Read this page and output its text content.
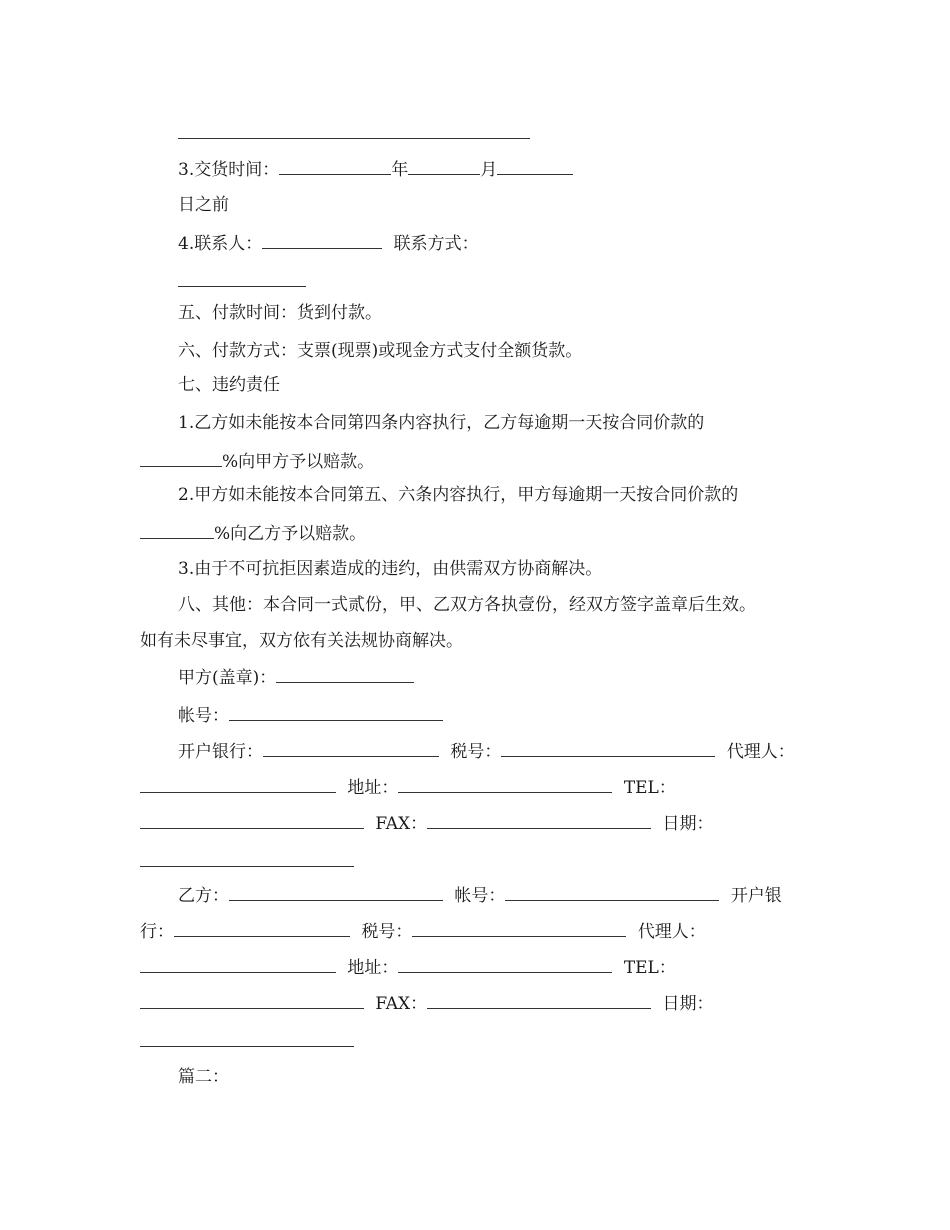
3.交货时间：	年	月
日之前
4.联系人：	联系方式：
五、付款时间：货到付款。
六、付款方式：支票(现票)或现金方式支付全额货款。
七、违约责任
1.乙方如未能按本合同第四条内容执行，乙方每逾期一天按合同价款的
%向甲方予以赔款。
2.甲方如未能按本合同第五、六条内容执行，甲方每逾期一天按合同价款的
%向乙方予以赔款。
3.由于不可抗拒因素造成的违约，由供需双方协商解决。
八、其他：本合同一式贰份，甲、乙双方各执壹份，经双方签字盖章后生效。
如有未尽事宜，双方依有关法规协商解决。
甲方(盖章)：
帐号：
开户银行：	税号：	代理人：
地址：	TEL：
FAX：	日期：
乙方：	帐号：	开户银
行：	税号：	代理人：
地址：	TEL：
FAX：	日期：
篇二：
